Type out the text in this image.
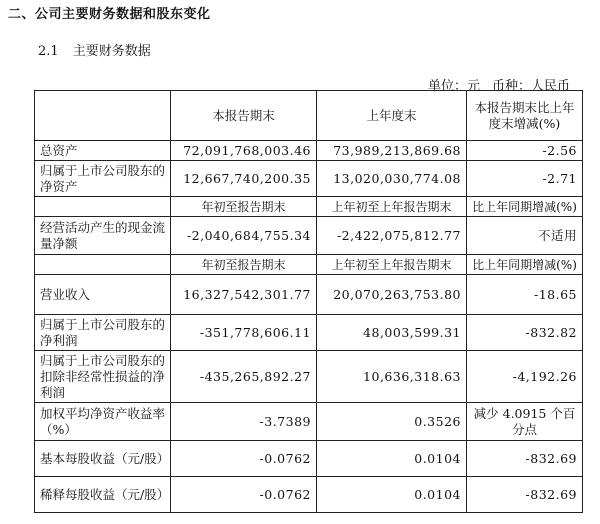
二、公司主要财务数据和股东变化
2.1 主要财务数据
单位：元 币种：人民币
	本报告期末	上年度末	本报告期末比上年度末增减(%)
总资产	72,091,768,003.46	73,989,213,869.68	-2.56
归属于上市公司股东的净资产	12,667,740,200.35	13,020,030,774.08	-2.71
	年初至报告期末	上年初至上年报告期末	比上年同期增减(%)
经营活动产生的现金流量净额	-2,040,684,755.34	-2,422,075,812.77	不适用
	年初至报告期末	上年初至上年报告期末	比上年同期增减(%)
营业收入	16,327,542,301.77	20,070,263,753.80	-18.65
归属于上市公司股东的净利润	-351,778,606.11	48,003,599.31	-832.82
归属于上市公司股东的扣除非经常性损益的净利润	-435,265,892.27	10,636,318.63	-4,192.26
加权平均净资产收益率（%）	-3.7389	0.3526	减少 4.0915 个百分点
基本每股收益（元/股）	-0.0762	0.0104	-832.69
稀释每股收益（元/股）	-0.0762	0.0104	-832.69
